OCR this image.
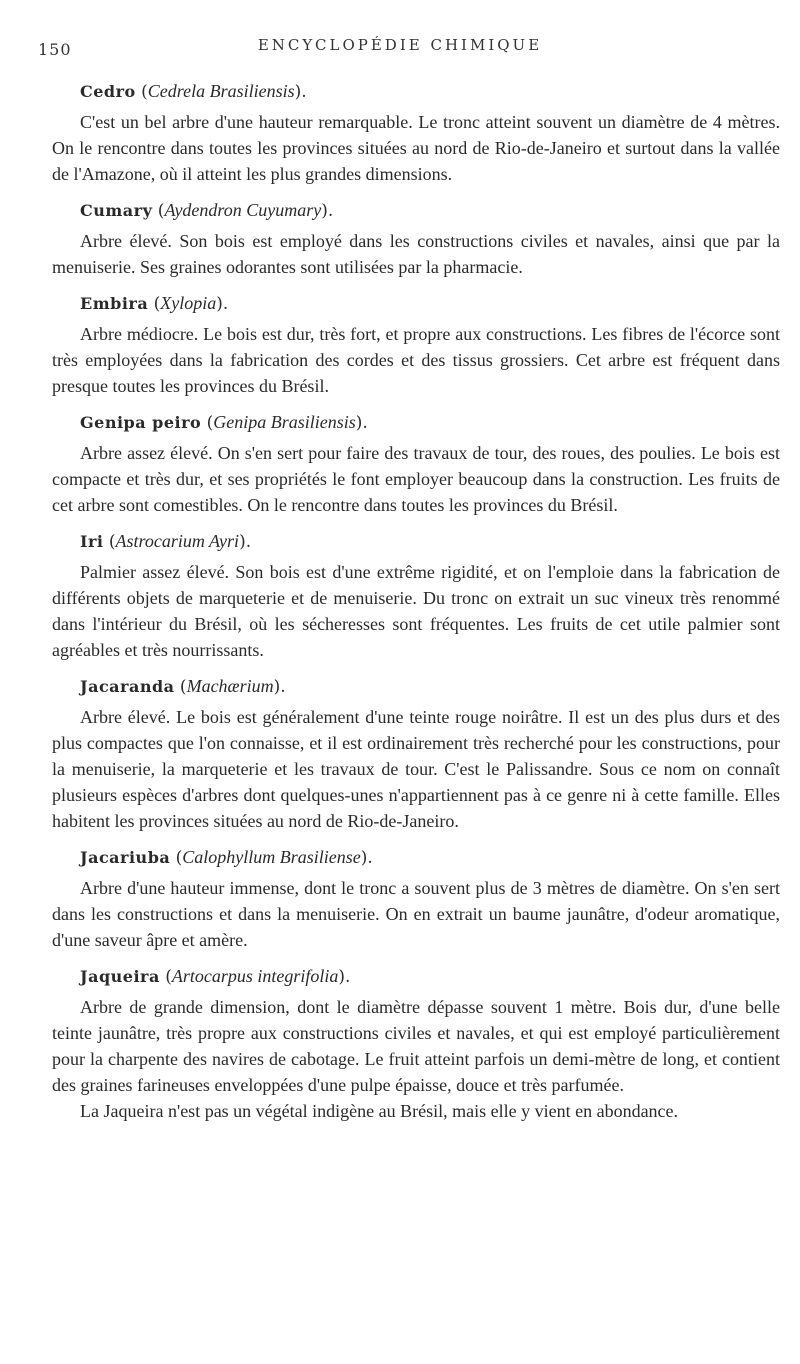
150	ENCYCLOPÉDIE CHIMIQUE
Cedro (Cedrela Brasiliensis).

C'est un bel arbre d'une hauteur remarquable. Le tronc atteint souvent un diamètre de 4 mètres. On le rencontre dans toutes les provinces situées au nord de Rio-de-Janeiro et surtout dans la vallée de l'Amazone, où il atteint les plus grandes dimensions.

Cumary (Aydendron Cuyumary).

Arbre élevé. Son bois est employé dans les constructions civiles et navales, ainsi que par la menuiserie. Ses graines odorantes sont utilisées par la pharmacie.

Embira (Xylopia).

Arbre médiocre. Le bois est dur, très fort, et propre aux constructions. Les fibres de l'écorce sont très employées dans la fabrication des cordes et des tissus grossiers. Cet arbre est fréquent dans presque toutes les provinces du Brésil.

Genipa peiro (Genipa Brasiliensis).

Arbre assez élevé. On s'en sert pour faire des travaux de tour, des roues, des poulies. Le bois est compacte et très dur, et ses propriétés le font employer beaucoup dans la construction. Les fruits de cet arbre sont comestibles. On le rencontre dans toutes les provinces du Brésil.

Iri (Astrocarium Ayri).

Palmier assez élevé. Son bois est d'une extrême rigidité, et on l'emploie dans la fabrication de différents objets de marqueterie et de menuiserie. Du tronc on extrait un suc vineux très renommé dans l'intérieur du Brésil, où les sécheresses sont fréquentes. Les fruits de cet utile palmier sont agréables et très nourrissants.

Jacaranda (Machærium).

Arbre élevé. Le bois est généralement d'une teinte rouge noirâtre. Il est un des plus durs et des plus compactes que l'on connaisse, et il est ordinairement très recherché pour les constructions, pour la menuiserie, la marqueterie et les travaux de tour. C'est le Palissandre. Sous ce nom on connaît plusieurs espèces d'arbres dont quelques-unes n'appartiennent pas à ce genre ni à cette famille. Elles habitent les provinces situées au nord de Rio-de-Janeiro.

Jacariuba (Calophyllum Brasiliense).

Arbre d'une hauteur immense, dont le tronc a souvent plus de 3 mètres de diamètre. On s'en sert dans les constructions et dans la menuiserie. On en extrait un baume jaunâtre, d'odeur aromatique, d'une saveur âpre et amère.

Jaqueira (Artocarpus integrifolia).

Arbre de grande dimension, dont le diamètre dépasse souvent 1 mètre. Bois dur, d'une belle teinte jaunâtre, très propre aux constructions civiles et navales, et qui est employé particulièrement pour la charpente des navires de cabotage. Le fruit atteint parfois un demi-mètre de long, et contient des graines farineuses enveloppées d'une pulpe épaisse, douce et très parfumée.

La Jaqueira n'est pas un végétal indigène au Brésil, mais elle y vient en abondance.
